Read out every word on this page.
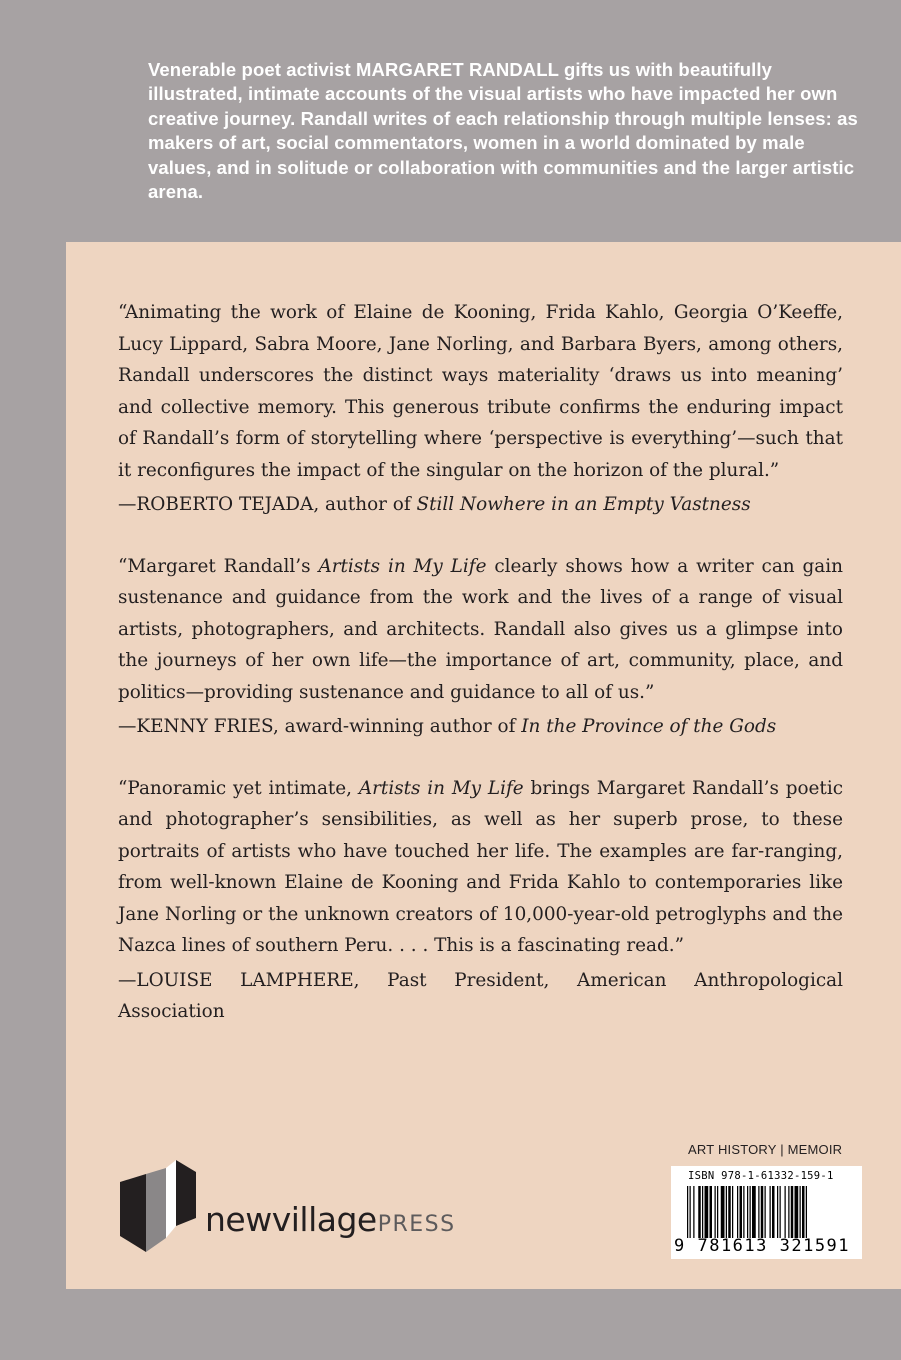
Venerable poet activist MARGARET RANDALL gifts us with beautifully illustrated, intimate accounts of the visual artists who have impacted her own creative journey. Randall writes of each relationship through multiple lenses: as makers of art, social commentators, women in a world dominated by male values, and in solitude or collaboration with communities and the larger artistic arena.

“Animating the work of Elaine de Kooning, Frida Kahlo, Georgia O’Keeffe, Lucy Lippard, Sabra Moore, Jane Norling, and Barbara Byers, among others, Randall underscores the distinct ways materiality ‘draws us into meaning’ and collective memory. This generous tribute confirms the enduring impact of Randall’s form of storytelling where ‘perspective is everything’—such that it reconfigures the impact of the singular on the horizon of the plural.”

—ROBERTO TEJADA, author of Still Nowhere in an Empty Vastness

“Margaret Randall’s Artists in My Life clearly shows how a writer can gain sustenance and guidance from the work and the lives of a range of visual artists, photographers, and architects. Randall also gives us a glimpse into the journeys of her own life—the importance of art, community, place, and politics—providing sustenance and guidance to all of us.”

—KENNY FRIES, award-winning author of In the Province of the Gods

“Panoramic yet intimate, Artists in My Life brings Margaret Randall’s poetic and photographer’s sensibilities, as well as her superb prose, to these portraits of artists who have touched her life. The examples are far-ranging, from well-known Elaine de Kooning and Frida Kahlo to contemporaries like Jane Norling or the unknown creators of 10,000-year-old petroglyphs and the Nazca lines of southern Peru. . . . This is a fascinating read.”

—LOUISE LAMPHERE, Past President, American Anthropological Association

ART HISTORY | MEMOIR
newvillagePRESS
ISBN 978-1-61332-159-1
9 781613 321591
